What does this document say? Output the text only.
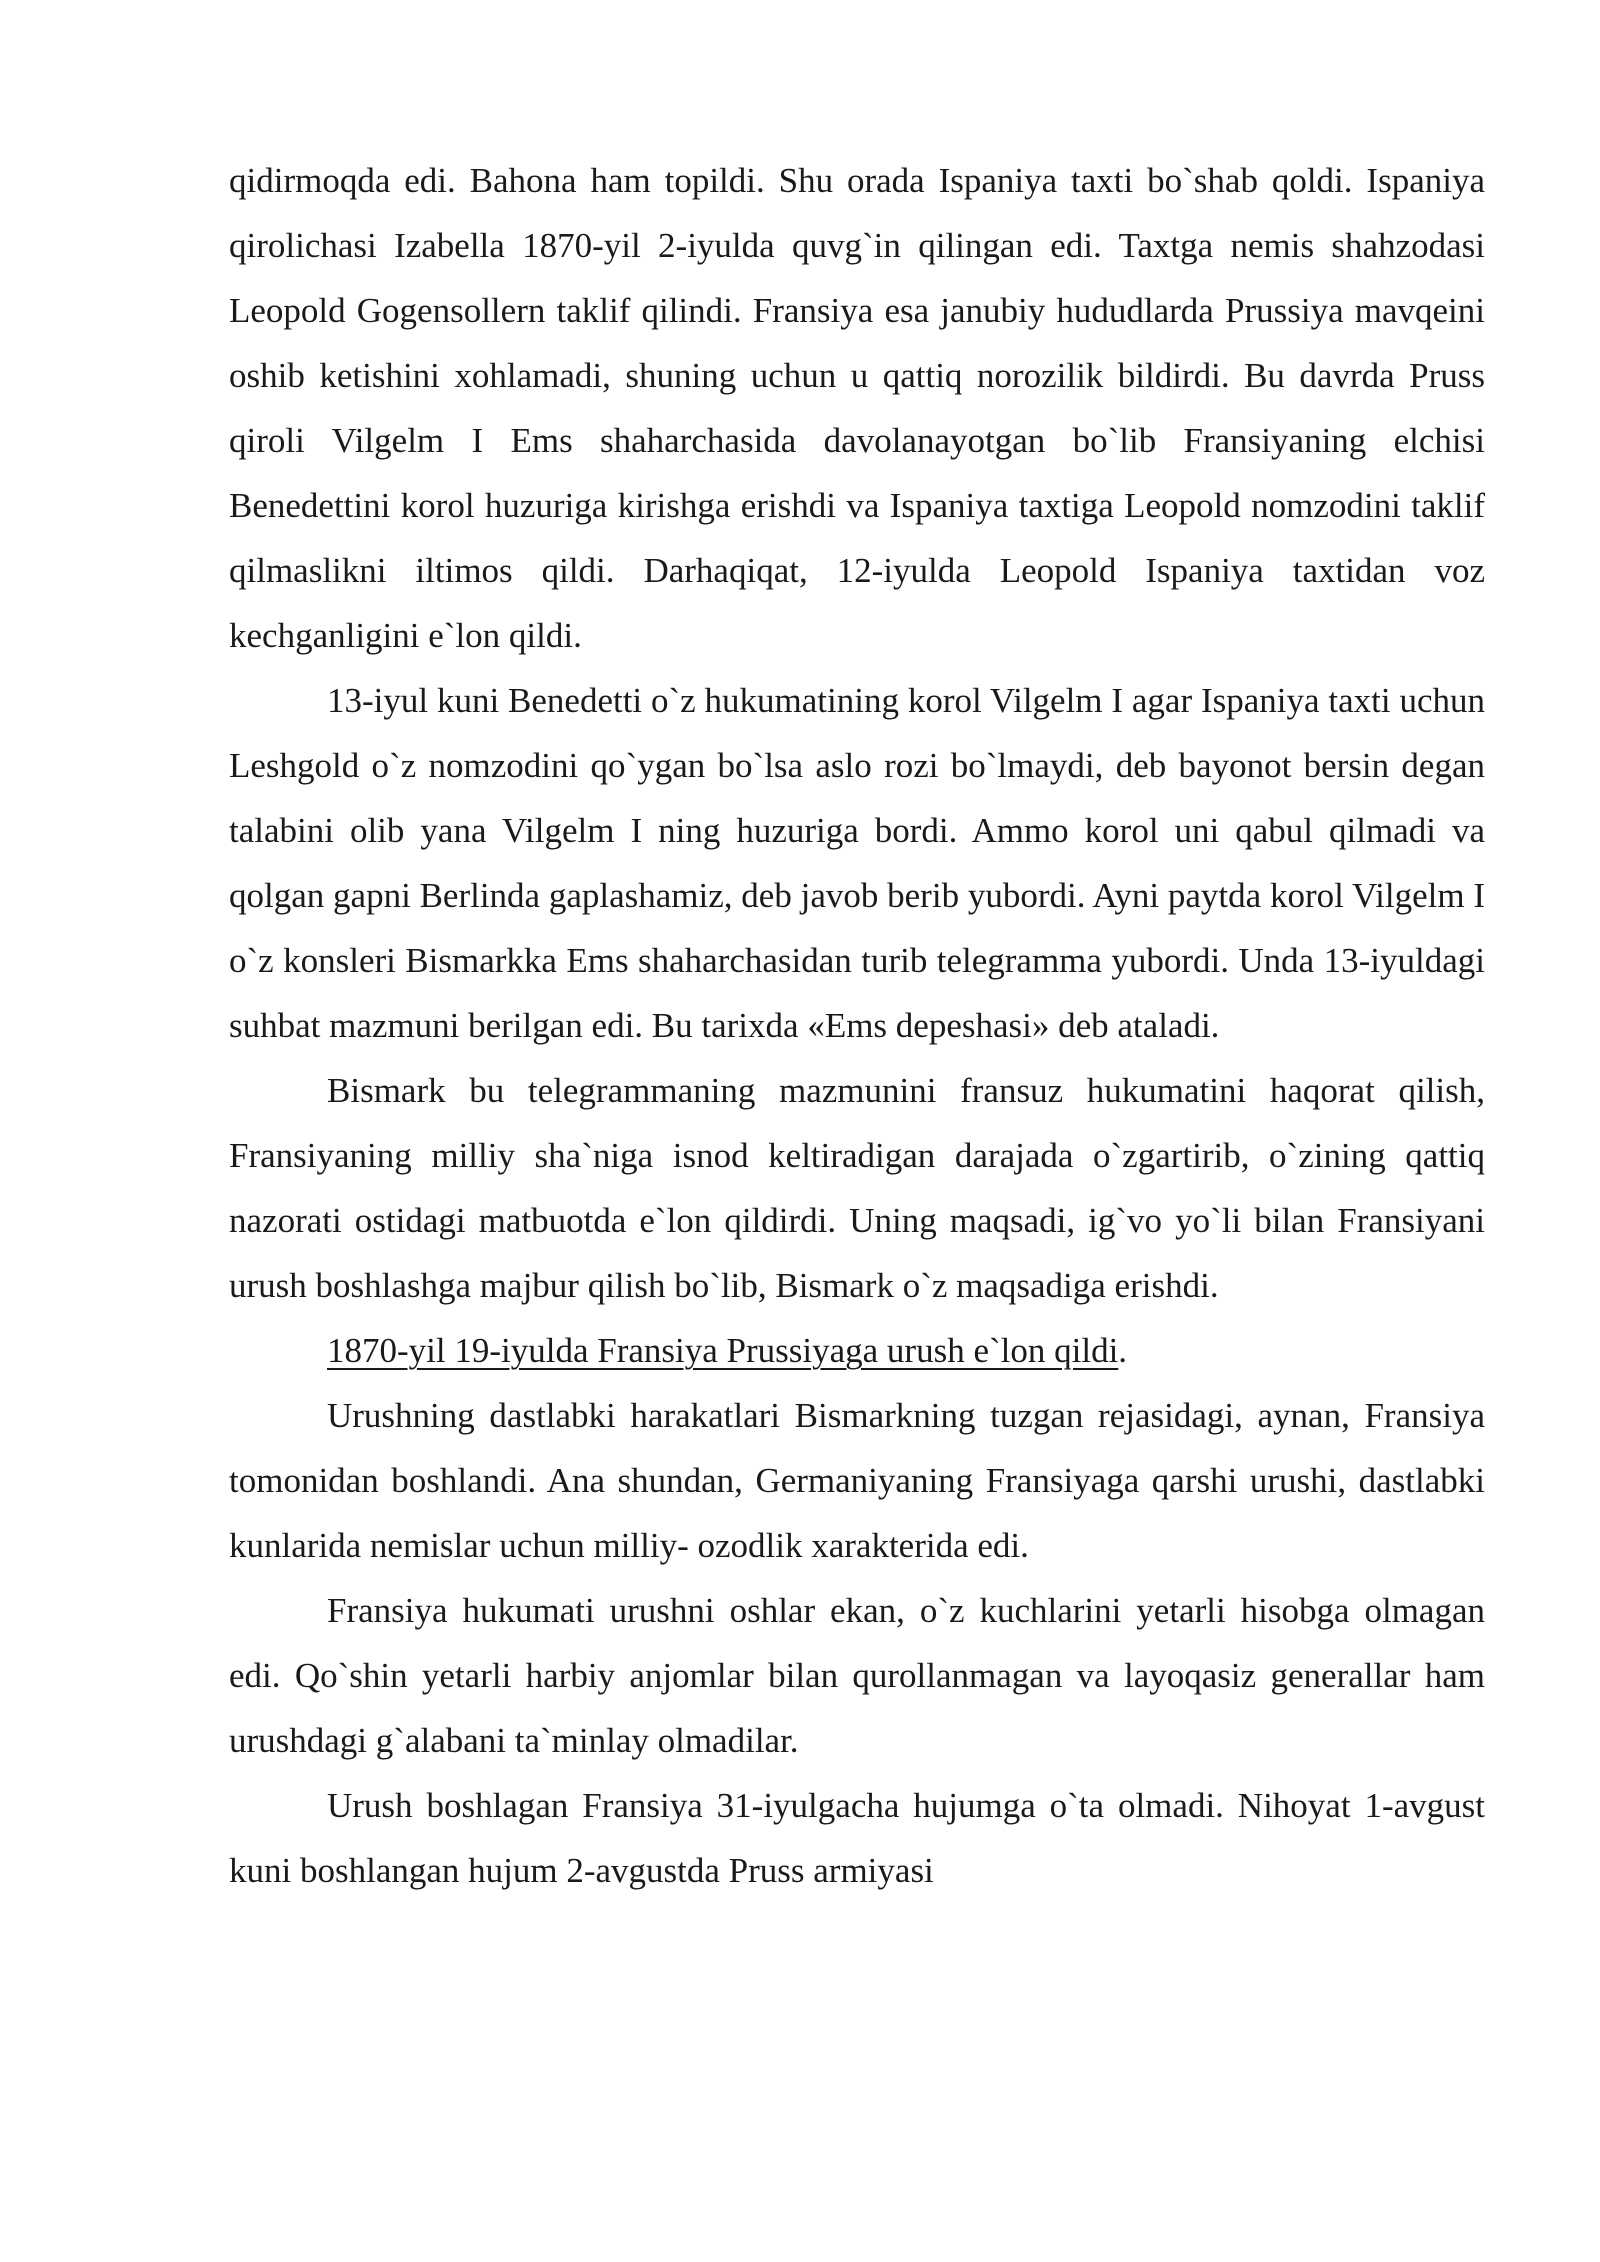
qidirmoqda edi. Bahona ham topildi. Shu orada Ispaniya taxti bo`shab qoldi. Ispaniya qirolichasi Izabella 1870-yil 2-iyulda quvg`in qilingan edi. Taxtga nemis shahzodasi Leopold Gogensollern taklif qilindi. Fransiya esa janubiy hududlarda Prussiya mavqeini oshib ketishini xohlamadi, shuning uchun u qattiq norozilik bildirdi. Bu davrda Pruss qiroli Vilgelm I Ems shaharchasida davolanayotgan bo`lib Fransiyaning elchisi Benedettini korol huzuriga kirishga erishdi va Ispaniya taxtiga Leopold nomzodini taklif qilmaslikni iltimos qildi. Darhaqiqat, 12-iyulda Leopold Ispaniya taxtidan voz kechganligini e`lon qildi.

13-iyul kuni Benedetti o`z hukumatining korol Vilgelm I agar Ispaniya taxti uchun Leshgold o`z nomzodini qo`ygan bo`lsa aslo rozi bo`lmaydi, deb bayonot bersin degan talabini olib yana Vilgelm I ning huzuriga bordi. Ammo korol uni qabul qilmadi va qolgan gapni Berlinda gaplashamiz, deb javob berib yubordi. Ayni paytda korol Vilgelm I o`z konsleri Bismarkka Ems shaharchasidan turib telegramma yubordi. Unda 13-iyuldagi suhbat mazmuni berilgan edi. Bu tarixda «Ems depeshasi» deb ataladi.

Bismark bu telegrammaning mazmunini fransuz hukumatini haqorat qilish, Fransiyaning milliy sha`niga isnod keltiradigan darajada o`zgartirib, o`zining qattiq nazorati ostidagi matbuotda e`lon qildirdi. Uning maqsadi, ig`vo yo`li bilan Fransiyani urush boshlashga majbur qilish bo`lib, Bismark o`z maqsadiga erishdi.

1870-yil 19-iyulda Fransiya Prussiyaga urush e`lon qildi.

Urushning dastlabki harakatlari Bismarkning tuzgan rejasidagi, aynan, Fransiya tomonidan boshlandi. Ana shundan, Germaniyaning Fransiyaga qarshi urushi, dastlabki kunlarida nemislar uchun milliy- ozodlik xarakterida edi.

Fransiya hukumati urushni oshlar ekan, o`z kuchlarini yetarli hisobga olmagan edi. Qo`shin yetarli harbiy anjomlar bilan qurollanmagan va layoqasiz generallar ham urushdagi g`alabani ta`minlay olmadilar.

Urush boshlagan Fransiya 31-iyulgacha hujumga o`ta olmadi. Nihoyat 1-avgust kuni boshlangan hujum 2-avgustda Pruss armiyasi
